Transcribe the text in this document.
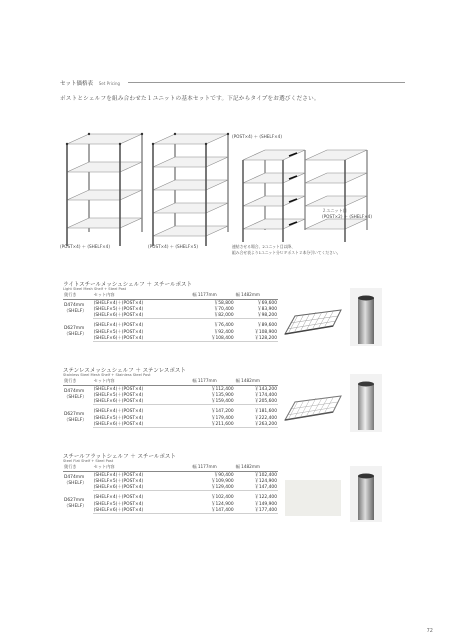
セット価格表 Set Pricing
ポストとシェルフを組み合わせた１ユニットの基本セットです。下記からタイプをお選びください。
(POST×4) ＋ (SHELF×4)
２ユニット目
(POST×2) ＋ (SHELF×4)
(POST×4) ＋ (SHELF×4)	(POST×4) ＋ (SHELF×5)	連結させる場合、2ユニット目以降、
組み合せ表より1ユニット分ＵＰポスト２本分引いてください。
ライトスチールメッシュシェルフ ＋ スチールポスト
Light Steel Mesh Shelf + Steel Post
奥行き	セット内容	幅 1177mm	幅 1482mm
D474mm
（SHELF）	(SHELF×4)＋(POST×4)	￥58,800	￥69,600
	(SHELF×5)＋(POST×4)	￥70,400	￥83,900
	(SHELF×6)＋(POST×4)	￥82,000	￥98,200

D627mm
（SHELF）	(SHELF×4)＋(POST×4)	￥76,400	￥89,600
	(SHELF×5)＋(POST×4)	￥92,400	￥108,900
	(SHELF×6)＋(POST×4)	￥108,400	￥128,200
ステンレスメッシュシェルフ ＋ ステンレスポスト
Stainless Steel Mesh Shelf + Stainless Steel Post
奥行き	セット内容	幅 1177mm	幅 1482mm
D474mm
（SHELF）	(SHELF×4)＋(POST×4)	￥112,400	￥143,200
	(SHELF×5)＋(POST×4)	￥135,900	￥174,400
	(SHELF×6)＋(POST×4)	￥159,400	￥205,600

D627mm
（SHELF）	(SHELF×4)＋(POST×4)	￥147,200	￥181,600
	(SHELF×5)＋(POST×4)	￥179,400	￥222,400
	(SHELF×6)＋(POST×4)	￥211,600	￥263,200
スチールフラットシェルフ ＋ スチールポスト
Steel Flat Shelf + Steel Post
奥行き	セット内容	幅 1177mm	幅 1482mm
D474mm
（SHELF）	(SHELF×4)＋(POST×4)	￥90,400	￥102,400
	(SHELF×5)＋(POST×4)	￥109,900	￥124,900
	(SHELF×6)＋(POST×4)	￥129,400	￥147,400

D627mm
（SHELF）	(SHELF×4)＋(POST×4)	￥102,400	￥122,400
	(SHELF×5)＋(POST×4)	￥124,900	￥149,900
	(SHELF×6)＋(POST×4)	￥147,400	￥177,400
72
